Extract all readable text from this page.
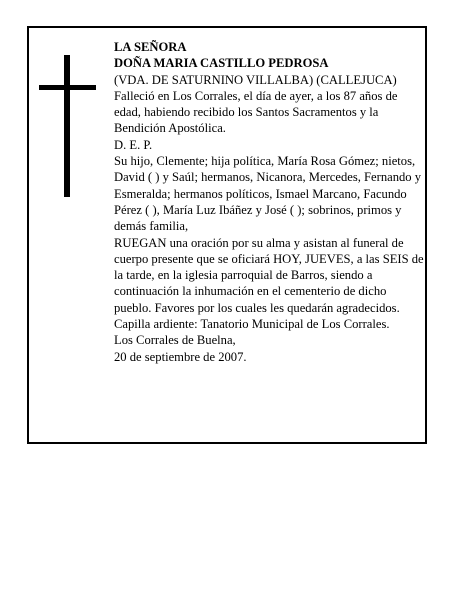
LA SEÑORA

DOÑA MARIA CASTILLO PEDROSA

(VDA. DE SATURNINO VILLALBA) (CALLEJUCA)

Falleció en Los Corrales, el día de ayer, a los 87 años de edad, habiendo recibido los Santos Sacramentos y la Bendición Apostólica.

D. E. P.

Su hijo, Clemente; hija política, María Rosa Gómez; nietos, David ( ) y Saúl; hermanos, Nicanora, Mercedes, Fernando y Esmeralda; hermanos políticos, Ismael Marcano, Facundo Pérez ( ), María Luz Ibáñez y José ( ); sobrinos, primos y demás familia,

RUEGAN una oración por su alma y asistan al funeral de cuerpo presente que se oficiará HOY, JUEVES, a las SEIS de la tarde, en la iglesia parroquial de Barros, siendo a continuación la inhumación en el cementerio de dicho pueblo. Favores por los cuales les quedarán agradecidos. Capilla ardiente: Tanatorio Municipal de Los Corrales.

Los Corrales de Buelna,

20 de septiembre de 2007.
